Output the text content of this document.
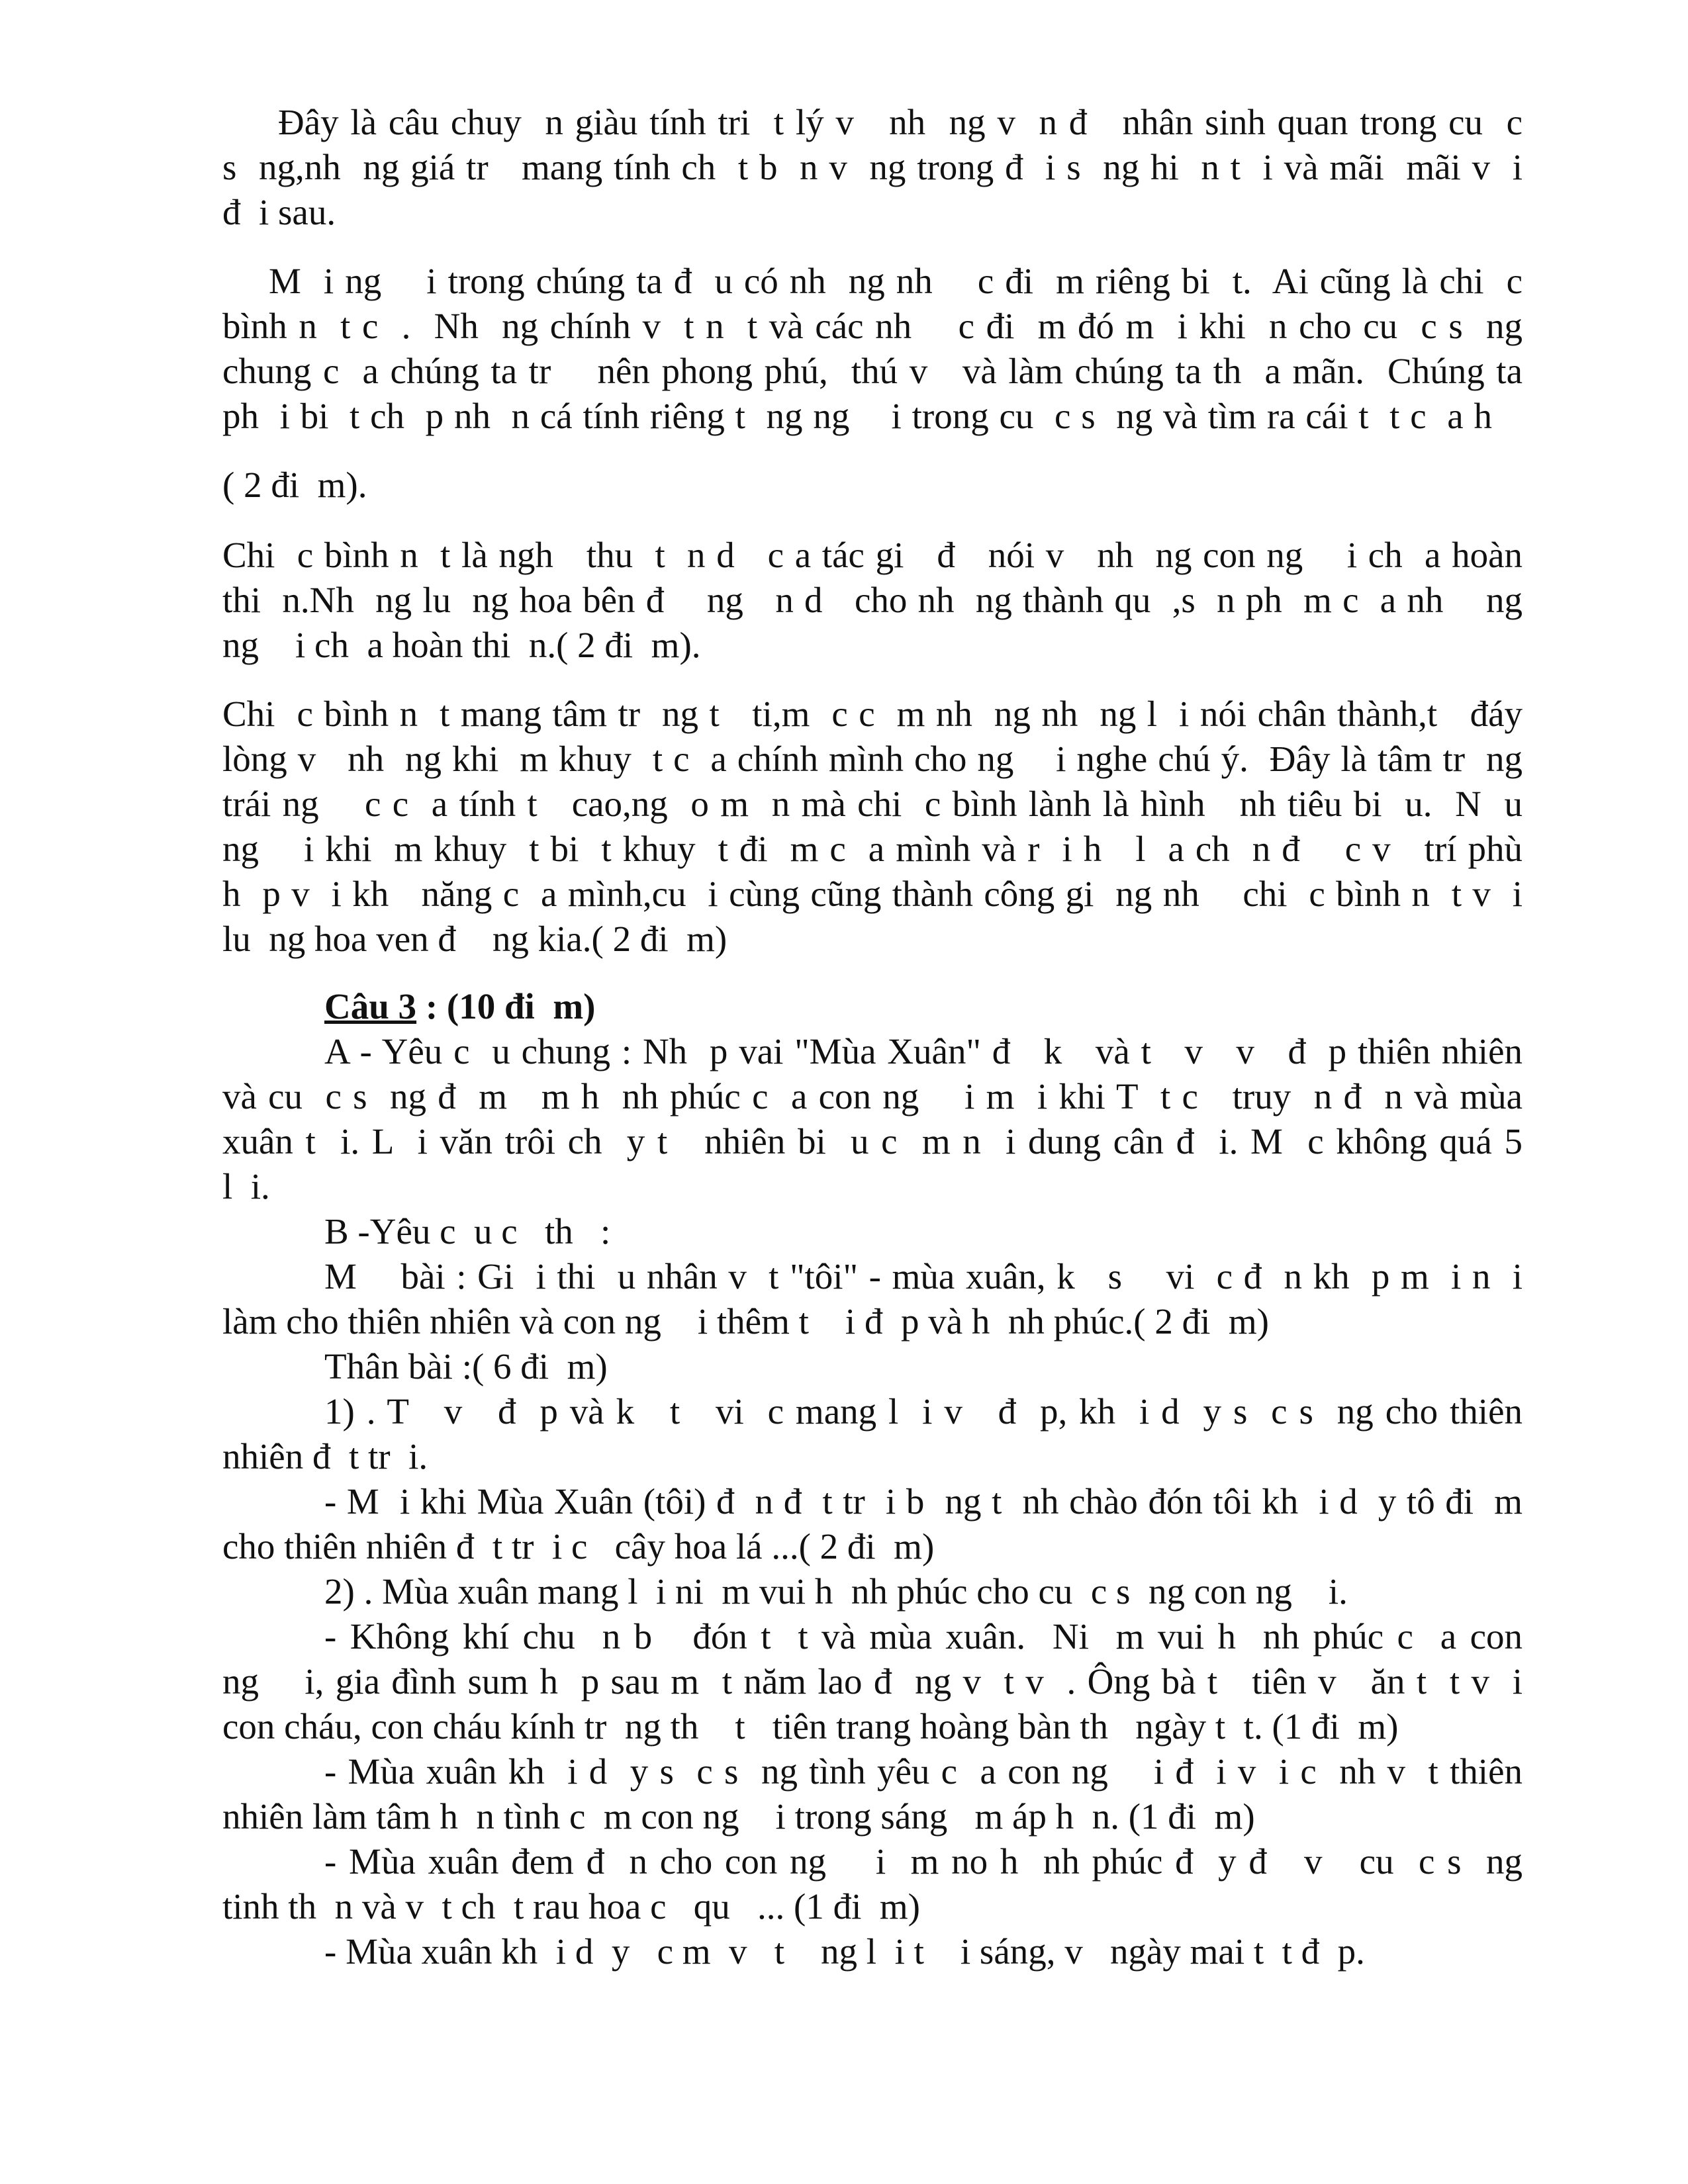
Đây là câu chuy  n giàu tính tri  t lý v   nh  ng v  n đ   nhân sinh quan trong cu  c
s  ng,nh  ng giá tr   mang tính ch  t b  n v  ng trong đ  i s  ng hi  n t  i và mãi  mãi v  i
đ  i sau.
M  i ng    i trong chúng ta đ  u có nh  ng nh    c đi  m riêng bi  t.  Ai cũng là chi  c
bình n  t c  .  Nh  ng chính v  t n  t và các nh    c đi  m đó m  i khi  n cho cu  c s  ng
chung c  a chúng ta tr    nên phong phú,  thú v   và làm chúng ta th  a mãn.  Chúng ta
ph  i bi  t ch  p nh  n cá tính riêng t  ng ng    i trong cu  c s  ng và tìm ra cái t  t c  a h
( 2 đi  m).
Chi  c bình n  t là ngh   thu  t  n d   c a tác gi   đ   nói v   nh  ng con ng    i ch  a hoàn
thi  n.Nh  ng lu  ng hoa bên đ    ng   n d   cho nh  ng thành qu  ,s  n ph  m c  a nh    ng
ng    i ch  a hoàn thi  n.( 2 đi  m).
Chi  c bình n  t mang tâm tr  ng t   ti,m  c c  m nh  ng nh  ng l  i nói chân thành,t   đáy
lòng v   nh  ng khi  m khuy  t c  a chính mình cho ng    i nghe chú ý.  Đây là tâm tr  ng
trái ng    c c  a tính t   cao,ng  o m  n mà chi  c bình lành là hình   nh tiêu bi  u.  N  u
ng    i khi  m khuy  t bi  t khuy  t đi  m c  a mình và r  i h   l  a ch  n đ    c v   trí phù
h  p v  i kh   năng c  a mình,cu  i cùng cũng thành công gi  ng nh    chi  c bình n  t v  i
lu  ng hoa ven đ    ng kia.( 2 đi  m)
Câu 3 : (10 đi  m)
A - Yêu c  u chung : Nh  p vai "Mùa Xuân" đ   k   và t   v   v   đ  p thiên nhiên
và cu  c s  ng đ  m   m h  nh phúc c  a con ng    i m  i khi T  t c   truy  n đ  n và mùa
xuân t  i. L  i văn trôi ch  y t   nhiên bi  u c  m n  i dung cân đ  i. M  c không quá 5
l  i.
B -Yêu c  u c   th   :
M    bài : Gi  i thi  u nhân v  t "tôi" - mùa xuân, k   s    vi  c đ  n kh  p m  i n  i
làm cho thiên nhiên và con ng    i thêm t    i đ  p và h  nh phúc.( 2 đi  m)
Thân bài :( 6 đi  m)
1) . T   v   đ  p và k   t   vi  c mang l  i v   đ  p, kh  i d  y s  c s  ng cho thiên
nhiên đ  t tr  i.
- M  i khi Mùa Xuân (tôi) đ  n đ  t tr  i b  ng t  nh chào đón tôi kh  i d  y tô đi  m
cho thiên nhiên đ  t tr  i c   cây hoa lá ...( 2 đi  m)
2) . Mùa xuân mang l  i ni  m vui h  nh phúc cho cu  c s  ng con ng    i.
- Không khí chu  n b   đón t  t và mùa xuân.  Ni  m vui h  nh phúc c  a con
ng    i, gia đình sum h  p sau m  t năm lao đ  ng v  t v  . Ông bà t   tiên v   ăn t  t v  i
con cháu, con cháu kính tr  ng th    t   tiên trang hoàng bàn th   ngày t  t. (1 đi  m)
- Mùa xuân kh  i d  y s  c s  ng tình yêu c  a con ng    i đ  i v  i c  nh v  t thiên
nhiên làm tâm h  n tình c  m con ng    i trong sáng   m áp h  n. (1 đi  m)
- Mùa xuân đem đ  n cho con ng    i  m no h  nh phúc đ  y đ   v   cu  c s  ng
tinh th  n và v  t ch  t rau hoa c   qu   ... (1 đi  m)
- Mùa xuân kh  i d  y   c m  v   t    ng l  i t    i sáng, v   ngày mai t  t đ  p.
